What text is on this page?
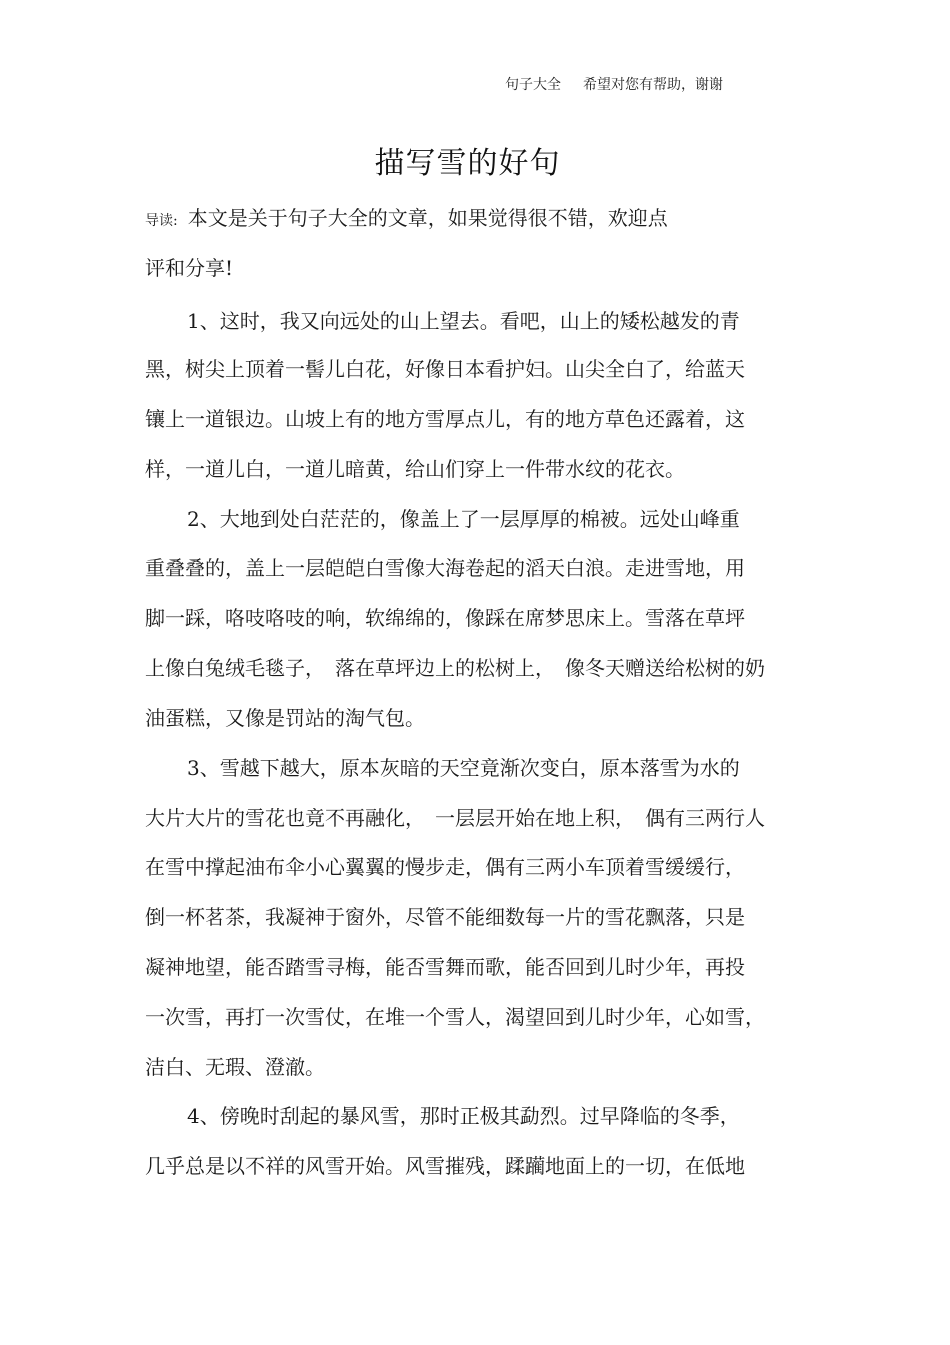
句子大全 希望对您有帮助，谢谢
描写雪的好句
导读: 本文是关于句子大全的文章，如果觉得很不错，欢迎点
评和分享!
1、这时，我又向远处的山上望去。看吧，山上的矮松越发的青
黑，树尖上顶着一髻儿白花，好像日本看护妇。山尖全白了，给蓝天
镶上一道银边。山坡上有的地方雪厚点儿，有的地方草色还露着，这
样，一道儿白，一道儿暗黄，给山们穿上一件带水纹的花衣。
2、大地到处白茫茫的，像盖上了一层厚厚的棉被。远处山峰重
重叠叠的，盖上一层皑皑白雪像大海卷起的滔天白浪。走进雪地，用
脚一踩，咯吱咯吱的响，软绵绵的，像踩在席梦思床上。雪落在草坪
上像白兔绒毛毯子，　落在草坪边上的松树上，　像冬天赠送给松树的奶
油蛋糕，又像是罚站的淘气包。
3、雪越下越大，原本灰暗的天空竟渐次变白，原本落雪为水的
大片大片的雪花也竟不再融化，　一层层开始在地上积，　偶有三两行人
在雪中撑起油布伞小心翼翼的慢步走，偶有三两小车顶着雪缓缓行，
倒一杯茗茶，我凝神于窗外，尽管不能细数每一片的雪花飘落，只是
凝神地望，能否踏雪寻梅，能否雪舞而歌，能否回到儿时少年，再投
一次雪，再打一次雪仗，在堆一个雪人，渴望回到儿时少年，心如雪，
洁白、无瑕、澄澈。
4、傍晚时刮起的暴风雪，那时正极其勐烈。过早降临的冬季，
几乎总是以不祥的风雪开始。风雪摧残，蹂躏地面上的一切，在低地
